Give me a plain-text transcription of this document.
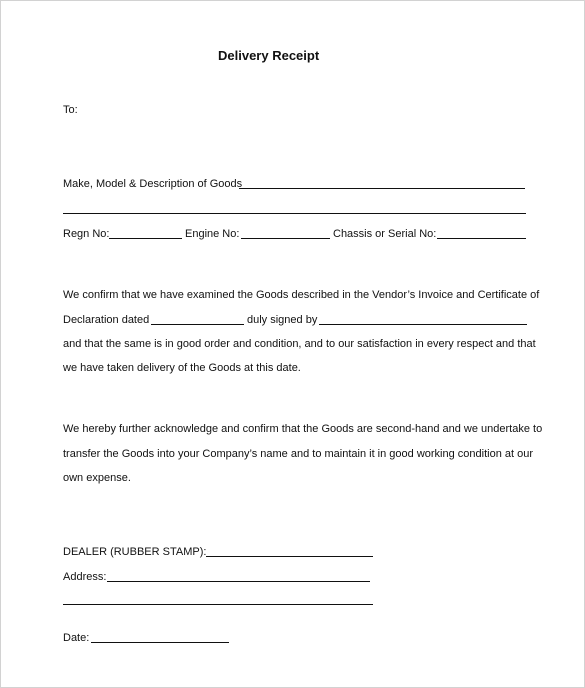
Delivery Receipt
To:
Make, Model & Description of Goods
Regn No:	Engine No:	Chassis or Serial No:
We confirm that we have examined the Goods described in the Vendor’s Invoice and Certificate of
Declaration dated	duly signed by
and that the same is in good order and condition, and to our satisfaction in every respect and that
we have taken delivery of the Goods at this date.
We hereby further acknowledge and confirm that the Goods are second-hand and we undertake to
transfer the Goods into your Company’s name and to maintain it in good working condition at our
own expense.
DEALER (RUBBER STAMP):
Address:
Date:
